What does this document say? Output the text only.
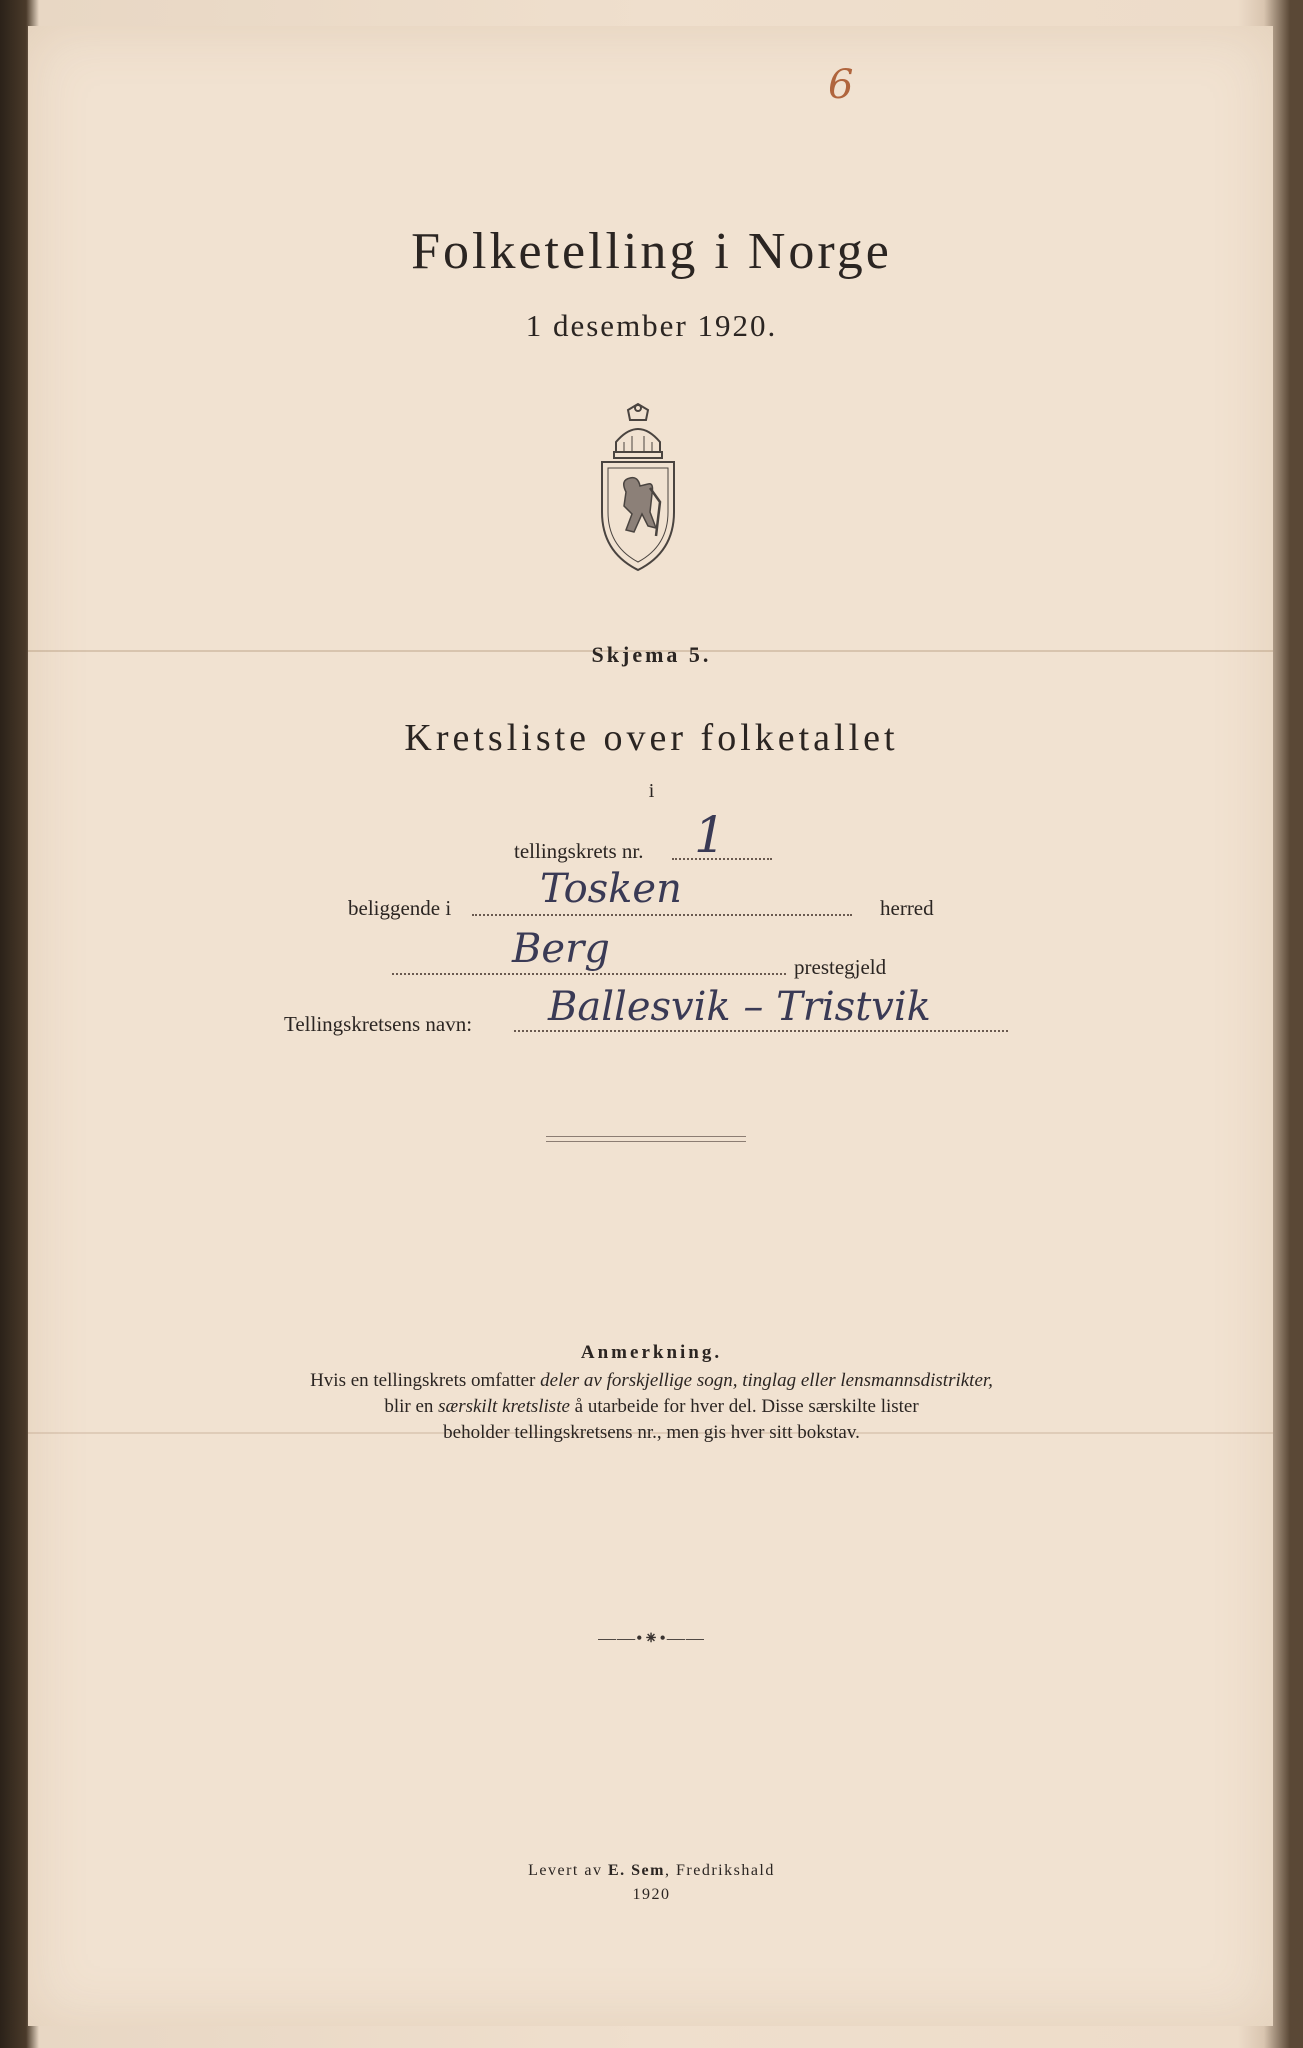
6
Folketelling i Norge
1 desember 1920.
Skjema 5.
Kretsliste over folketallet
i
tellingskrets nr. 1
beliggende i Tosken	herred
Berg	prestegjeld
Tellingskretsens navn: Ballesvik – Tristvik
Anmerkning.
Hvis en tellingskrets omfatter deler av forskjellige sogn, tinglag eller lensmannsdistrikter,
blir en særskilt kretsliste å utarbeide for hver del. Disse særskilte lister
beholder tellingskretsens nr., men gis hver sitt bokstav.
——•⁕•——
Levert av E. Sem, Fredrikshald
1920
